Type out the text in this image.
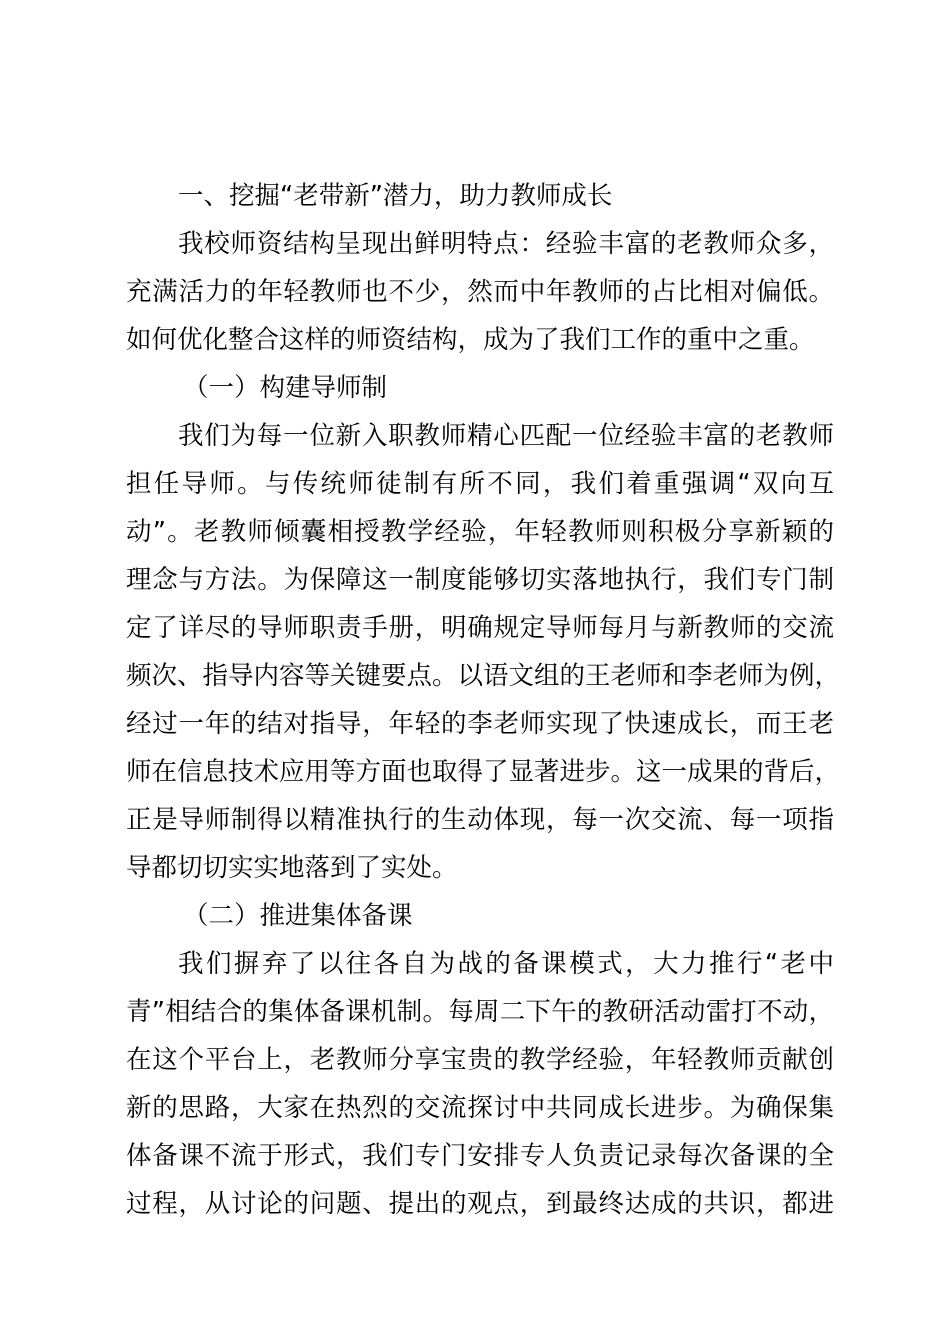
一、挖掘“老带新”潜力，助力教师成长
我校师资结构呈现出鲜明特点：经验丰富的老教师众多，
充满活力的年轻教师也不少，然而中年教师的占比相对偏低。
如何优化整合这样的师资结构，成为了我们工作的重中之重。
（一）构建导师制
我们为每一位新入职教师精心匹配一位经验丰富的老教师
担任导师。与传统师徒制有所不同，我们着重强调“双向互
动”。老教师倾囊相授教学经验，年轻教师则积极分享新颖的
理念与方法。为保障这一制度能够切实落地执行，我们专门制
定了详尽的导师职责手册，明确规定导师每月与新教师的交流
频次、指导内容等关键要点。以语文组的王老师和李老师为例，
经过一年的结对指导，年轻的李老师实现了快速成长，而王老
师在信息技术应用等方面也取得了显著进步。这一成果的背后，
正是导师制得以精准执行的生动体现，每一次交流、每一项指
导都切切实实地落到了实处。
（二）推进集体备课
我们摒弃了以往各自为战的备课模式，大力推行“老中
青”相结合的集体备课机制。每周二下午的教研活动雷打不动，
在这个平台上，老教师分享宝贵的教学经验，年轻教师贡献创
新的思路，大家在热烈的交流探讨中共同成长进步。为确保集
体备课不流于形式，我们专门安排专人负责记录每次备课的全
过程，从讨论的问题、提出的观点，到最终达成的共识，都进
